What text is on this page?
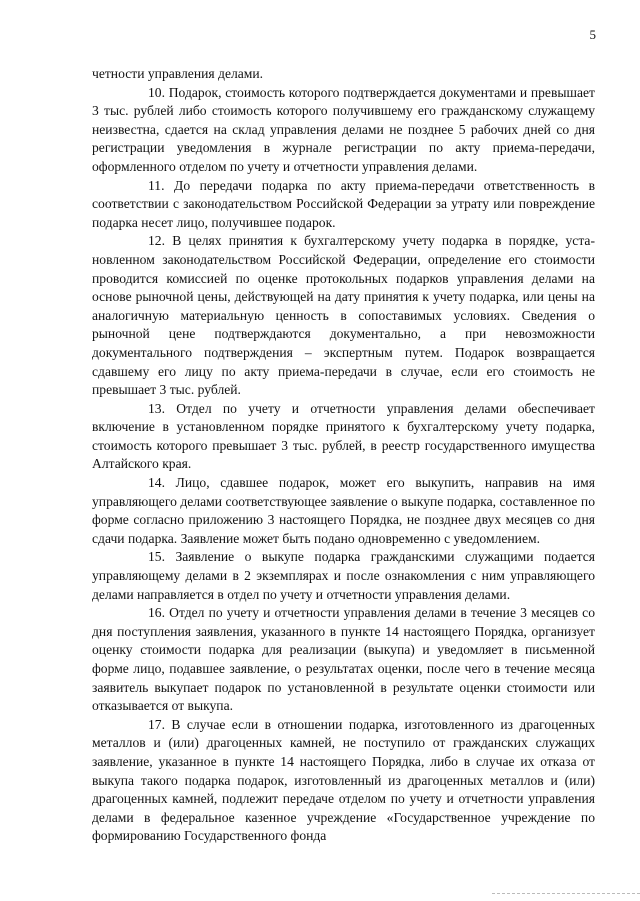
5

четности управления делами.

10. Подарок, стоимость которого подтверждается документами и превышает 3 тыс. рублей либо стоимость которого получившему его гражданскому служащему неизвестна, сдается на склад управления делами не позднее 5 рабочих дней со дня регистрации уведомления в журнале регистрации по акту приема-передачи, оформленного отделом по учету и отчетности управления делами.

11. До передачи подарка по акту приема-передачи ответственность в соответствии с законодательством Российской Федерации за утрату или повреждение подарка несет лицо, получившее подарок.

12. В целях принятия к бухгалтерскому учету подарка в порядке, установленном законодательством Российской Федерации, определение его стоимости проводится комиссией по оценке протокольных подарков управления делами на основе рыночной цены, действующей на дату принятия к учету подарка, или цены на аналогичную материальную ценность в сопоставимых условиях. Сведения о рыночной цене подтверждаются документально, а при невозможности документального подтверждения – экспертным путем. Подарок возвращается сдавшему его лицу по акту приема-передачи в случае, если его стоимость не превышает 3 тыс. рублей.

13. Отдел по учету и отчетности управления делами обеспечивает включение в установленном порядке принятого к бухгалтерскому учету подарка, стоимость которого превышает 3 тыс. рублей, в реестр государственного имущества Алтайского края.

14. Лицо, сдавшее подарок, может его выкупить, направив на имя управляющего делами соответствующее заявление о выкупе подарка, составленное по форме согласно приложению 3 настоящего Порядка, не позднее двух месяцев со дня сдачи подарка. Заявление может быть подано одновременно с уведомлением.

15. Заявление о выкупе подарка гражданскими служащими подается управляющему делами в 2 экземплярах и после ознакомления с ним управляющего делами направляется в отдел по учету и отчетности управления делами.

16. Отдел по учету и отчетности управления делами в течение 3 месяцев со дня поступления заявления, указанного в пункте 14 настоящего Порядка, организует оценку стоимости подарка для реализации (выкупа) и уведомляет в письменной форме лицо, подавшее заявление, о результатах оценки, после чего в течение месяца заявитель выкупает подарок по установленной в результате оценки стоимости или отказывается от выкупа.

17. В случае если в отношении подарка, изготовленного из драгоценных металлов и (или) драгоценных камней, не поступило от гражданских служащих заявление, указанное в пункте 14 настоящего Порядка, либо в случае их отказа от выкупа такого подарка подарок, изготовленный из драгоценных металлов и (или) драгоценных камней, подлежит передаче отделом по учету и отчетности управления делами в федеральное казенное учреждение «Государственное учреждение по формированию Государственного фонда
